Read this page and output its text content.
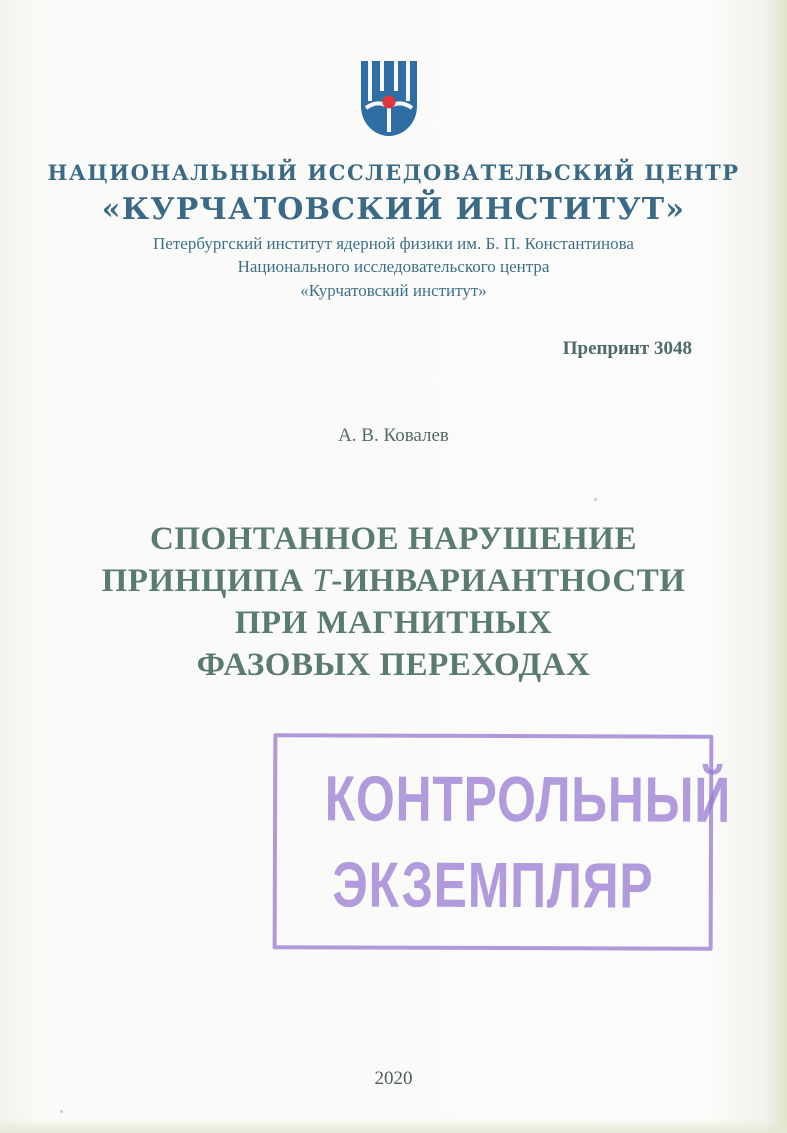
НАЦИОНАЛЬНЫЙ ИССЛЕДОВАТЕЛЬСКИЙ ЦЕНТР
«КУРЧАТОВСКИЙ ИНСТИТУТ»
Петербургский институт ядерной физики им. Б. П. Константинова
Национального исследовательского центра
«Курчатовский институт»
Препринт 3048
А. В. Ковалев
СПОНТАННОЕ НАРУШЕНИЕ
ПРИНЦИПА T-ИНВАРИАНТНОСТИ
ПРИ МАГНИТНЫХ
ФАЗОВЫХ ПЕРЕХОДАХ
КОНТРОЛЬНЫЙ
ЭКЗЕМПЛЯР
2020
